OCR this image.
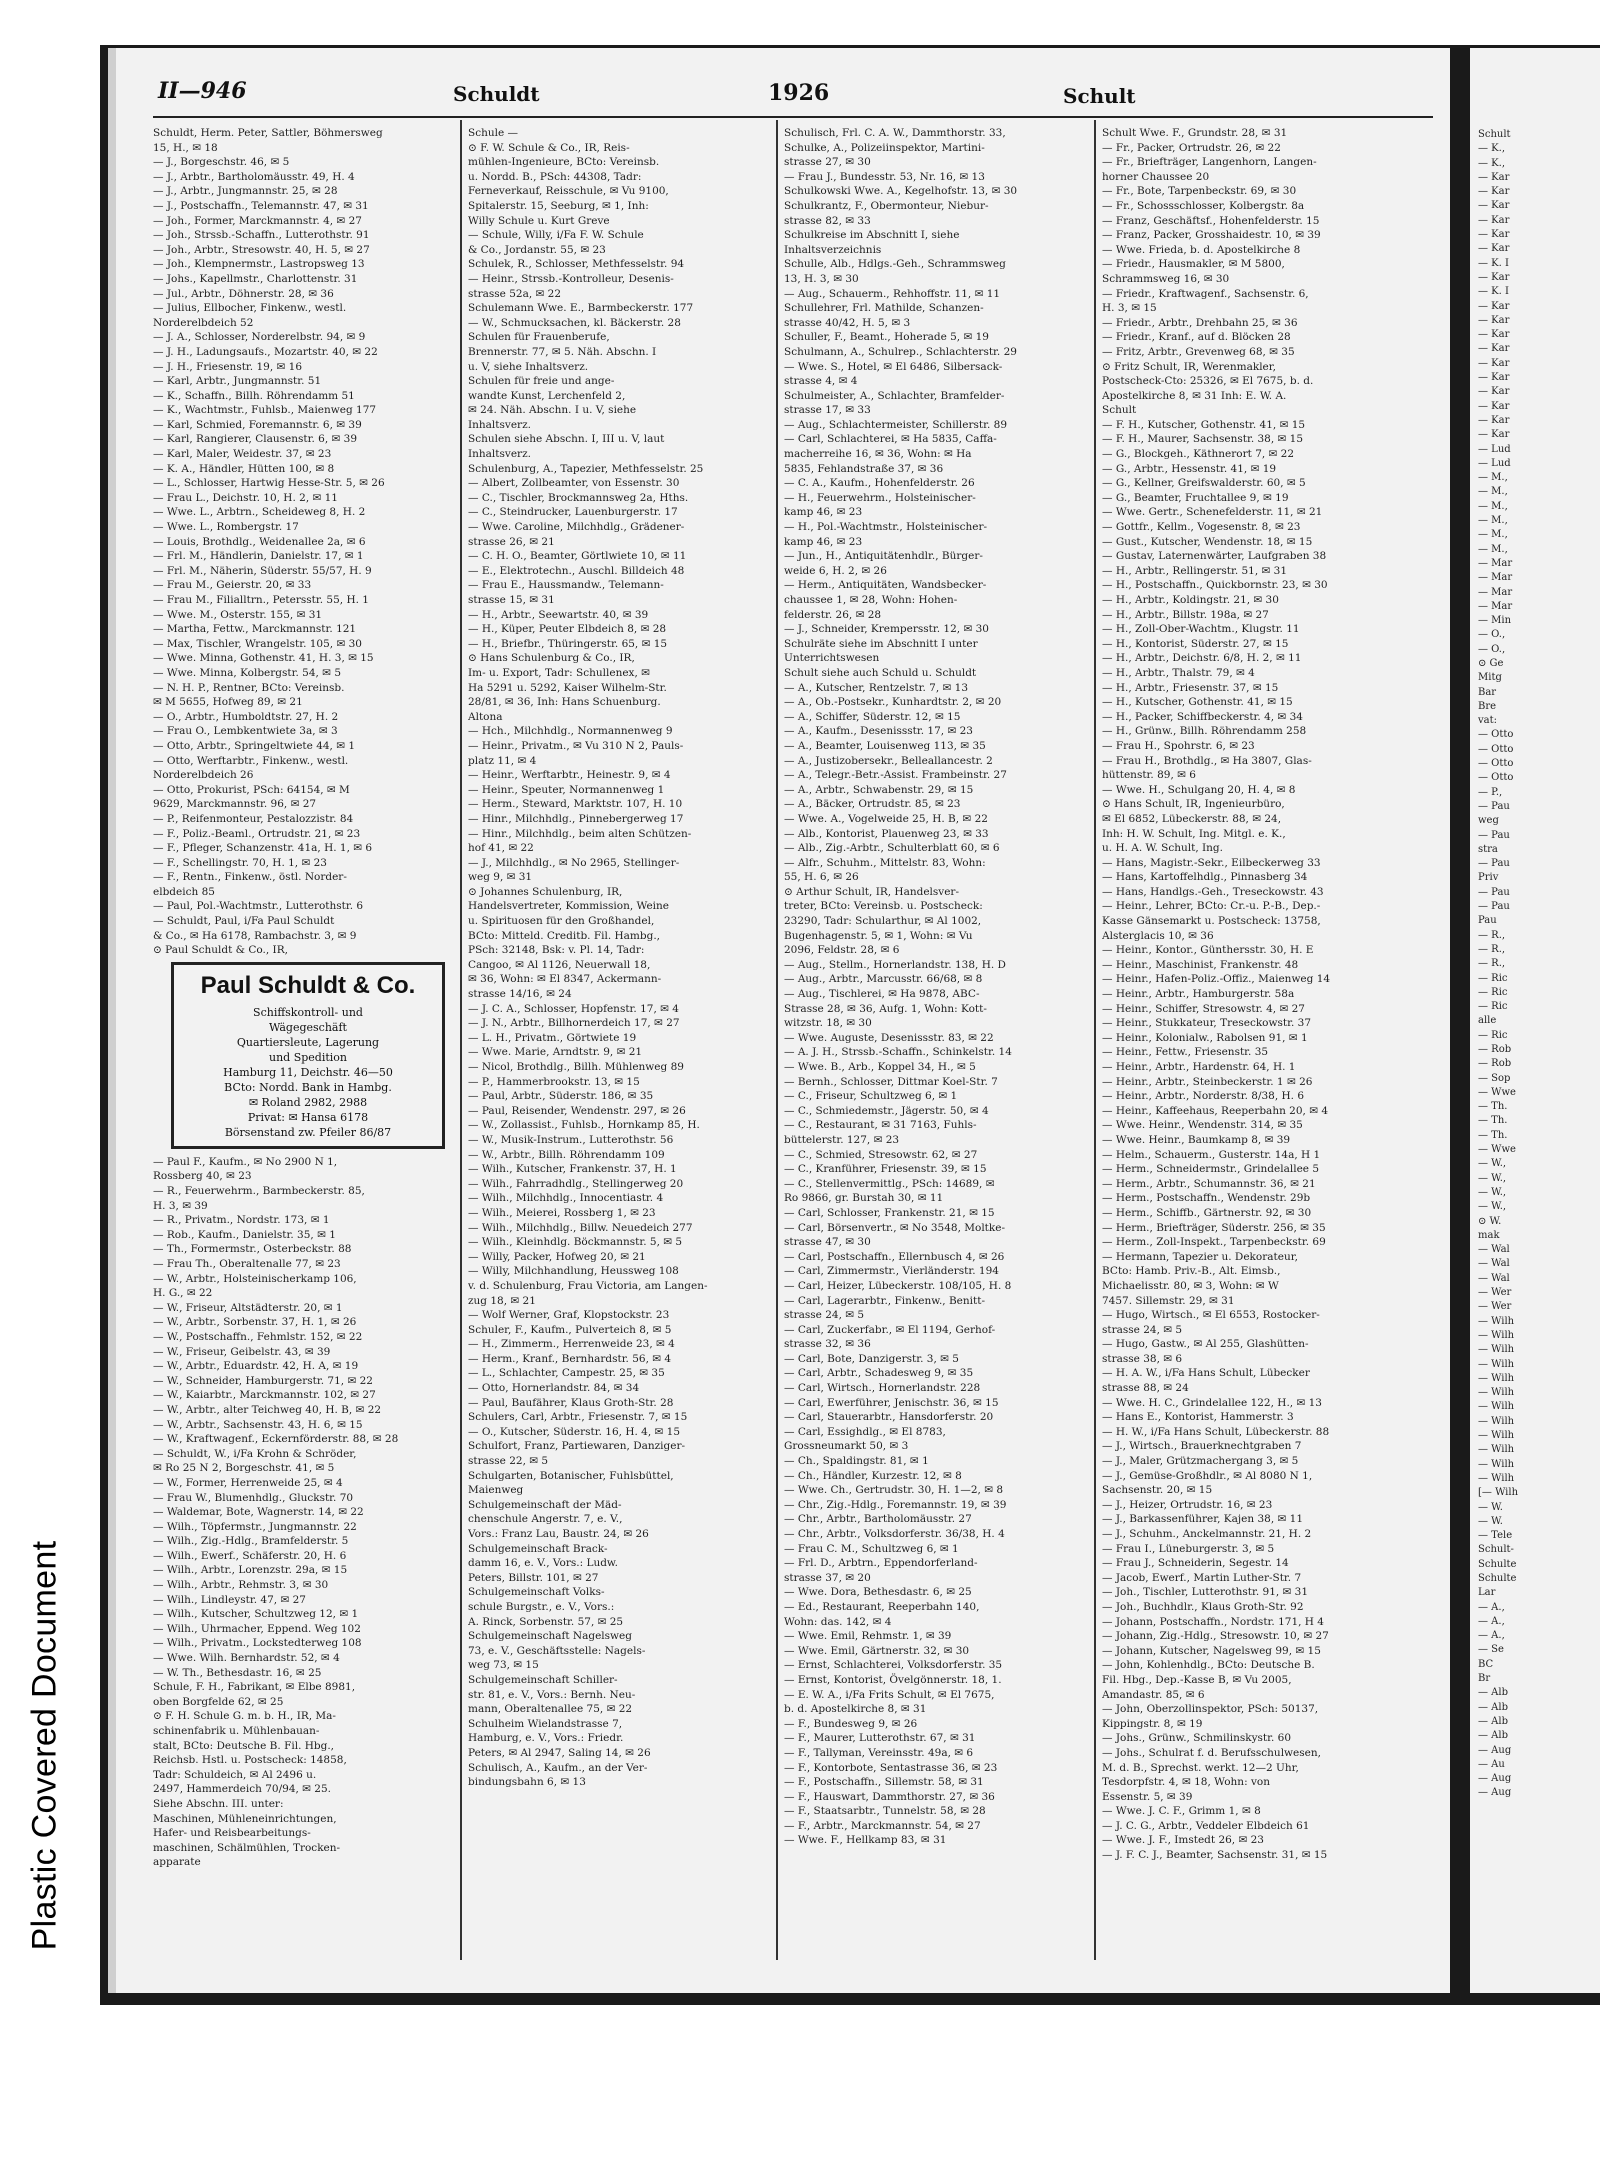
Plastic Covered Document
II—946	Schuldt	1926	Schult
Schuldt, Herm. Peter, Sattler, Böhmersweg
15, H., ✉ 18
— J., Borgeschstr. 46, ✉ 5
— J., Arbtr., Bartholomäusstr. 49, H. 4
— J., Arbtr., Jungmannstr. 25, ✉ 28
— J., Postschaffn., Telemannstr. 47, ✉ 31
— Joh., Former, Marckmannstr. 4, ✉ 27
— Joh., Strssb.-Schaffn., Lutterothstr. 91
— Joh., Arbtr., Stresowstr. 40, H. 5, ✉ 27
— Joh., Klempnermstr., Lastropsweg 13
— Johs., Kapellmstr., Charlottenstr. 31
— Jul., Arbtr., Döhnerstr. 28, ✉ 36
— Julius, Ellbocher, Finkenw., westl.
Norderelbdeich 52
— J. A., Schlosser, Norderelbstr. 94, ✉ 9
— J. H., Ladungsaufs., Mozartstr. 40, ✉ 22
— J. H., Friesenstr. 19, ✉ 16
— Karl, Arbtr., Jungmannstr. 51
— K., Schaffn., Billh. Röhrendamm 51
— K., Wachtmstr., Fuhlsb., Maienweg 177
— Karl, Schmied, Foremannstr. 6, ✉ 39
— Karl, Rangierer, Clausenstr. 6, ✉ 39
— Karl, Maler, Weidestr. 37, ✉ 23
— K. A., Händler, Hütten 100, ✉ 8
— L., Schlosser, Hartwig Hesse-Str. 5, ✉ 26
— Frau L., Deichstr. 10, H. 2, ✉ 11
— Wwe. L., Arbtrn., Scheideweg 8, H. 2
— Wwe. L., Rombergstr. 17
— Louis, Brothdlg., Weidenallee 2a, ✉ 6
— Frl. M., Händlerin, Danielstr. 17, ✉ 1
— Frl. M., Näherin, Süderstr. 55/57, H. 9
— Frau M., Geierstr. 20, ✉ 33
— Frau M., Filialltrn., Petersstr. 55, H. 1
— Wwe. M., Osterstr. 155, ✉ 31
— Martha, Fettw., Marckmannstr. 121
— Max, Tischler, Wrangelstr. 105, ✉ 30
— Wwe. Minna, Gothenstr. 41, H. 3, ✉ 15
— Wwe. Minna, Kolbergstr. 54, ✉ 5
— N. H. P., Rentner, BCto: Vereinsb.
✉ M 5655, Hofweg 89, ✉ 21
— O., Arbtr., Humboldtstr. 27, H. 2
— Frau O., Lembkentwiete 3a, ✉ 3
— Otto, Arbtr., Springeltwiete 44, ✉ 1
— Otto, Werftarbtr., Finkenw., westl.
Norderelbdeich 26
— Otto, Prokurist, PSch: 64154, ✉ M
9629, Marckmannstr. 96, ✉ 27
— P., Reifenmonteur, Pestalozzistr. 84
— F., Poliz.-Beaml., Ortrudstr. 21, ✉ 23
— F., Pfleger, Schanzenstr. 41a, H. 1, ✉ 6
— F., Schellingstr. 70, H. 1, ✉ 23
— F., Rentn., Finkenw., östl. Norder-
elbdeich 85
— Paul, Pol.-Wachtmstr., Lutterothstr. 6
— Schuldt, Paul, i/Fa Paul Schuldt
& Co., ✉ Ha 6178, Rambachstr. 3, ✉ 9
⊙ Paul Schuldt & Co., IR,
Paul Schuldt & Co.
Schiffskontroll- und
Wägegeschäft
Quartiersleute, Lagerung
und Spedition
Hamburg 11, Deichstr. 46—50
BCto: Nordd. Bank in Hambg.
✉ Roland 2982, 2988
Privat: ✉ Hansa 6178
Börsenstand zw. Pfeiler 86/87
— Paul F., Kaufm., ✉ No 2900 N 1,
Rossberg 40, ✉ 23
— R., Feuerwehrm., Barmbeckerstr. 85,
H. 3, ✉ 39
— R., Privatm., Nordstr. 173, ✉ 1
— Rob., Kaufm., Danielstr. 35, ✉ 1
— Th., Formermstr., Osterbeckstr. 88
— Frau Th., Oberaltenalle 77, ✉ 23
— W., Arbtr., Holsteinischerkamp 106,
H. G., ✉ 22
— W., Friseur, Altstädterstr. 20, ✉ 1
— W., Arbtr., Sorbenstr. 37, H. 1, ✉ 26
— W., Postschaffn., Fehmlstr. 152, ✉ 22
— W., Friseur, Geibelstr. 43, ✉ 39
— W., Arbtr., Eduardstr. 42, H. A, ✉ 19
— W., Schneider, Hamburgerstr. 71, ✉ 22
— W., Kaiarbtr., Marckmannstr. 102, ✉ 27
— W., Arbtr., alter Teichweg 40, H. B, ✉ 22
— W., Arbtr., Sachsenstr. 43, H. 6, ✉ 15
— W., Kraftwagenf., Eckernförderstr. 88, ✉ 28
— Schuldt, W., i/Fa Krohn & Schröder,
✉ Ro 25 N 2, Borgeschstr. 41, ✉ 5
— W., Former, Herrenweide 25, ✉ 4
— Frau W., Blumenhdlg., Gluckstr. 70
— Waldemar, Bote, Wagnerstr. 14, ✉ 22
— Wilh., Töpfermstr., Jungmannstr. 22
— Wilh., Zig.-Hdlg., Bramfelderstr. 5
— Wilh., Ewerf., Schäferstr. 20, H. 6
— Wilh., Arbtr., Lorenzstr. 29a, ✉ 15
— Wilh., Arbtr., Rehmstr. 3, ✉ 30
— Wilh., Lindleystr. 47, ✉ 27
— Wilh., Kutscher, Schultzweg 12, ✉ 1
— Wilh., Uhrmacher, Eppend. Weg 102
— Wilh., Privatm., Lockstedterweg 108
— Wwe. Wilh. Bernhardstr. 52, ✉ 4
— W. Th., Bethesdastr. 16, ✉ 25
Schule, F. H., Fabrikant, ✉ Elbe 8981,
oben Borgfelde 62, ✉ 25
⊙ F. H. Schule G. m. b. H., IR, Ma-
schinenfabrik u. Mühlenbauan-
stalt, BCto: Deutsche B. Fil. Hbg.,
Reichsb. Hstl. u. Postscheck: 14858,
Tadr: Schuldeich, ✉ Al 2496 u.
2497, Hammerdeich 70/94, ✉ 25.
Siehe Abschn. III. unter:
Maschinen, Mühleneinrichtungen,
Hafer- und Reisbearbeitungs-
maschinen, Schälmühlen, Trocken-
apparate
Schule —
⊙ F. W. Schule & Co., IR, Reis-
mühlen-Ingenieure, BCto: Vereinsb.
u. Nordd. B., PSch: 44308, Tadr:
Ferneverkauf, Reisschule, ✉ Vu 9100,
Spitalerstr. 15, Seeburg, ✉ 1, Inh:
Willy Schule u. Kurt Greve
— Schule, Willy, i/Fa F. W. Schule
& Co., Jordanstr. 55, ✉ 23
Schulek, R., Schlosser, Methfesselstr. 94
— Heinr., Strssb.-Kontrolleur, Desenis-
strasse 52a, ✉ 22
Schulemann Wwe. E., Barmbeckerstr. 177
— W., Schmucksachen, kl. Bäckerstr. 28
Schulen für Frauenberufe,
Brennerstr. 77, ✉ 5. Näh. Abschn. I
u. V, siehe Inhaltsverz.
Schulen für freie und ange-
wandte Kunst, Lerchenfeld 2,
✉ 24. Näh. Abschn. I u. V, siehe
Inhaltsverz.
Schulen siehe Abschn. I, III u. V, laut
Inhaltsverz.
Schulenburg, A., Tapezier, Methfesselstr. 25
— Albert, Zollbeamter, von Essenstr. 30
— C., Tischler, Brockmannsweg 2a, Hths.
— C., Steindrucker, Lauenburgerstr. 17
— Wwe. Caroline, Milchhdlg., Grädener-
strasse 26, ✉ 21
— C. H. O., Beamter, Görtlwiete 10, ✉ 11
— E., Elektrotechn., Auschl. Billdeich 48
— Frau E., Haussmandw., Telemann-
strasse 15, ✉ 31
— H., Arbtr., Seewartstr. 40, ✉ 39
— H., Küper, Peuter Elbdeich 8, ✉ 28
— H., Briefbr., Thüringerstr. 65, ✉ 15
⊙ Hans Schulenburg & Co., IR,
Im- u. Export, Tadr: Schullenex, ✉
Ha 5291 u. 5292, Kaiser Wilhelm-Str.
28/81, ✉ 36, Inh: Hans Schuenburg.
Altona
— Hch., Milchhdlg., Normannenweg 9
— Heinr., Privatm., ✉ Vu 310 N 2, Pauls-
platz 11, ✉ 4
— Heinr., Werftarbtr., Heinestr. 9, ✉ 4
— Heinr., Speuter, Normannenweg 1
— Herm., Steward, Marktstr. 107, H. 10
— Hinr., Milchhdlg., Pinnebergerweg 17
— Hinr., Milchhdlg., beim alten Schützen-
hof 41, ✉ 22
— J., Milchhdlg., ✉ No 2965, Stellinger-
weg 9, ✉ 31
⊙ Johannes Schulenburg, IR,
Handelsvertreter, Kommission, Weine
u. Spirituosen für den Großhandel,
BCto: Mitteld. Creditb. Fil. Hambg.,
PSch: 32148, Bsk: v. Pl. 14, Tadr:
Cangoo, ✉ Al 1126, Neuerwall 18,
✉ 36, Wohn: ✉ El 8347, Ackermann-
strasse 14/16, ✉ 24
— J. C. A., Schlosser, Hopfenstr. 17, ✉ 4
— J. N., Arbtr., Billhornerdeich 17, ✉ 27
— L. H., Privatm., Görtwiete 19
— Wwe. Marie, Arndtstr. 9, ✉ 21
— Nicol, Brothdlg., Billh. Mühlenweg 89
— P., Hammerbrookstr. 13, ✉ 15
— Paul, Arbtr., Süderstr. 186, ✉ 35
— Paul, Reisender, Wendenstr. 297, ✉ 26
— W., Zollassist., Fuhlsb., Hornkamp 85, H.
— W., Musik-Instrum., Lutterothstr. 56
— W., Arbtr., Billh. Röhrendamm 109
— Wilh., Kutscher, Frankenstr. 37, H. 1
— Wilh., Fahrradhdlg., Stellingerweg 20
— Wilh., Milchhdlg., Innocentiastr. 4
— Wilh., Meierei, Rossberg 1, ✉ 23
— Wilh., Milchhdlg., Billw. Neuedeich 277
— Wilh., Kleinhdlg. Böckmannstr. 5, ✉ 5
— Willy, Packer, Hofweg 20, ✉ 21
— Willy, Milchhandlung, Heussweg 108
v. d. Schulenburg, Frau Victoria, am Langen-
zug 18, ✉ 21
— Wolf Werner, Graf, Klopstockstr. 23
Schuler, F., Kaufm., Pulverteich 8, ✉ 5
— H., Zimmerm., Herrenweide 23, ✉ 4
— Herm., Kranf., Bernhardstr. 56, ✉ 4
— L., Schlachter, Campestr. 25, ✉ 35
— Otto, Hornerlandstr. 84, ✉ 34
— Paul, Baufährer, Klaus Groth-Str. 28
Schulers, Carl, Arbtr., Friesenstr. 7, ✉ 15
— O., Kutscher, Süderstr. 16, H. 4, ✉ 15
Schulfort, Franz, Partiewaren, Danziger-
strasse 22, ✉ 5
Schulgarten, Botanischer, Fuhlsbüttel,
Maienweg
Schulgemeinschaft der Mäd-
chenschule Angerstr. 7, e. V.,
Vors.: Franz Lau, Baustr. 24, ✉ 26
Schulgemeinschaft Brack-
damm 16, e. V., Vors.: Ludw.
Peters, Billstr. 101, ✉ 27
Schulgemeinschaft Volks-
schule Burgstr., e. V., Vors.:
A. Rinck, Sorbenstr. 57, ✉ 25
Schulgemeinschaft Nagelsweg
73, e. V., Geschäftsstelle: Nagels-
weg 73, ✉ 15
Schulgemeinschaft Schiller-
str. 81, e. V., Vors.: Bernh. Neu-
mann, Oberaltenallee 75, ✉ 22
Schulheim Wielandstrasse 7,
Hamburg, e. V., Vors.: Friedr.
Peters, ✉ Al 2947, Saling 14, ✉ 26
Schulisch, A., Kaufm., an der Ver-
bindungsbahn 6, ✉ 13
Schulisch, Frl. C. A. W., Dammthorstr. 33,
Schulke, A., Polizeiinspektor, Martini-
strasse 27, ✉ 30
— Frau J., Bundesstr. 53, Nr. 16, ✉ 13
Schulkowski Wwe. A., Kegelhofstr. 13, ✉ 30
Schulkrantz, F., Obermonteur, Niebur-
strasse 82, ✉ 33
Schulkreise im Abschnitt I, siehe
Inhaltsverzeichnis
Schulle, Alb., Hdlgs.-Geh., Schrammsweg
13, H. 3, ✉ 30
— Aug., Schauerm., Rehhoffstr. 11, ✉ 11
Schullehrer, Frl. Mathilde, Schanzen-
strasse 40/42, H. 5, ✉ 3
Schuller, F., Beamt., Hoherade 5, ✉ 19
Schulmann, A., Schulrep., Schlachterstr. 29
— Wwe. S., Hotel, ✉ El 6486, Silbersack-
strasse 4, ✉ 4
Schulmeister, A., Schlachter, Bramfelder-
strasse 17, ✉ 33
— Aug., Schlachtermeister, Schillerstr. 89
— Carl, Schlachterei, ✉ Ha 5835, Caffa-
macherreihe 16, ✉ 36, Wohn: ✉ Ha
5835, Fehlandstraße 37, ✉ 36
— C. A., Kaufm., Hohenfelderstr. 26
— H., Feuerwehrm., Holsteinischer-
kamp 46, ✉ 23
— H., Pol.-Wachtmstr., Holsteinischer-
kamp 46, ✉ 23
— Jun., H., Antiquitätenhdlr., Bürger-
weide 6, H. 2, ✉ 26
— Herm., Antiquitäten, Wandsbecker-
chaussee 1, ✉ 28, Wohn: Hohen-
felderstr. 26, ✉ 28
— J., Schneider, Krempersstr. 12, ✉ 30
Schulräte siehe im Abschnitt I unter
Unterrichtswesen
Schult siehe auch Schuld u. Schuldt
— A., Kutscher, Rentzelstr. 7, ✉ 13
— A., Ob.-Postsekr., Kunhardtstr. 2, ✉ 20
— A., Schiffer, Süderstr. 12, ✉ 15
— A., Kaufm., Desenissstr. 17, ✉ 23
— A., Beamter, Louisenweg 113, ✉ 35
— A., Justizobersekr., Belleallancestr. 2
— A., Telegr.-Betr.-Assist. Frambeinstr. 27
— A., Arbtr., Schwabenstr. 29, ✉ 15
— A., Bäcker, Ortrudstr. 85, ✉ 23
— Wwe. A., Vogelweide 25, H. B, ✉ 22
— Alb., Kontorist, Plauenweg 23, ✉ 33
— Alb., Zig.-Arbtr., Schulterblatt 60, ✉ 6
— Alfr., Schuhm., Mittelstr. 83, Wohn:
55, H. 6, ✉ 26
⊙ Arthur Schult, IR, Handelsver-
treter, BCto: Vereinsb. u. Postscheck:
23290, Tadr: Schularthur, ✉ Al 1002,
Bugenhagenstr. 5, ✉ 1, Wohn: ✉ Vu
2096, Feldstr. 28, ✉ 6
— Aug., Stellm., Hornerlandstr. 138, H. D
— Aug., Arbtr., Marcusstr. 66/68, ✉ 8
— Aug., Tischlerei, ✉ Ha 9878, ABC-
Strasse 28, ✉ 36, Aufg. 1, Wohn: Kott-
witzstr. 18, ✉ 30
— Wwe. Auguste, Desenissstr. 83, ✉ 22
— A. J. H., Strssb.-Schaffn., Schinkelstr. 14
— Wwe. B., Arb., Koppel 34, H., ✉ 5
— Bernh., Schlosser, Dittmar Koel-Str. 7
— C., Friseur, Schultzweg 6, ✉ 1
— C., Schmiedemstr., Jägerstr. 50, ✉ 4
— C., Restaurant, ✉ 31 7163, Fuhls-
büttelerstr. 127, ✉ 23
— C., Schmied, Stresowstr. 62, ✉ 27
— C., Kranführer, Friesenstr. 39, ✉ 15
— C., Stellenvermittlg., PSch: 14689, ✉
Ro 9866, gr. Burstah 30, ✉ 11
— Carl, Schlosser, Frankenstr. 21, ✉ 15
— Carl, Börsenvertr., ✉ No 3548, Moltke-
strasse 47, ✉ 30
— Carl, Postschaffn., Ellernbusch 4, ✉ 26
— Carl, Zimmermstr., Vierländerstr. 194
— Carl, Heizer, Lübeckerstr. 108/105, H. 8
— Carl, Lagerarbtr., Finkenw., Benitt-
strasse 24, ✉ 5
— Carl, Zuckerfabr., ✉ El 1194, Gerhof-
strasse 32, ✉ 36
— Carl, Bote, Danzigerstr. 3, ✉ 5
— Carl, Arbtr., Schadesweg 9, ✉ 35
— Carl, Wirtsch., Hornerlandstr. 228
— Carl, Ewerführer, Jenischstr. 36, ✉ 15
— Carl, Stauerarbtr., Hansdorferstr. 20
— Carl, Essighdlg., ✉ El 8783,
Grossneumarkt 50, ✉ 3
— Ch., Spaldingstr. 81, ✉ 1
— Ch., Händler, Kurzestr. 12, ✉ 8
— Wwe. Ch., Gertrudstr. 30, H. 1—2, ✉ 8
— Chr., Zig.-Hdlg., Foremannstr. 19, ✉ 39
— Chr., Arbtr., Bartholomäusstr. 27
— Chr., Arbtr., Volksdorferstr. 36/38, H. 4
— Frau C. M., Schultzweg 6, ✉ 1
— Frl. D., Arbtrn., Eppendorferland-
strasse 37, ✉ 20
— Wwe. Dora, Bethesdastr. 6, ✉ 25
— Ed., Restaurant, Reeperbahn 140,
Wohn: das. 142, ✉ 4
— Wwe. Emil, Rehmstr. 1, ✉ 39
— Wwe. Emil, Gärtnerstr. 32, ✉ 30
— Ernst, Schlachterei, Volksdorferstr. 35
— Ernst, Kontorist, Övelgönnerstr. 18, 1.
— E. W. A., i/Fa Frits Schult, ✉ El 7675,
b. d. Apostelkirche 8, ✉ 31
— F., Bundesweg 9, ✉ 26
— F., Maurer, Lutterothstr. 67, ✉ 31
— F., Tallyman, Vereinsstr. 49a, ✉ 6
— F., Kontorbote, Sentastrasse 36, ✉ 23
— F., Postschaffn., Sillemstr. 58, ✉ 31
— F., Hauswart, Dammthorstr. 27, ✉ 36
— F., Staatsarbtr., Tunnelstr. 58, ✉ 28
— F., Arbtr., Marckmannstr. 54, ✉ 27
— Wwe. F., Hellkamp 83, ✉ 31
Schult Wwe. F., Grundstr. 28, ✉ 31
— Fr., Packer, Ortrudstr. 26, ✉ 22
— Fr., Briefträger, Langenhorn, Langen-
horner Chaussee 20
— Fr., Bote, Tarpenbeckstr. 69, ✉ 30
— Fr., Schossschlosser, Kolbergstr. 8a
— Franz, Geschäftsf., Hohenfelderstr. 15
— Franz, Packer, Grosshaidestr. 10, ✉ 39
— Wwe. Frieda, b. d. Apostelkirche 8
— Friedr., Hausmakler, ✉ M 5800,
Schrammsweg 16, ✉ 30
— Friedr., Kraftwagenf., Sachsenstr. 6,
H. 3, ✉ 15
— Friedr., Arbtr., Drehbahn 25, ✉ 36
— Friedr., Kranf., auf d. Blöcken 28
— Fritz, Arbtr., Grevenweg 68, ✉ 35
⊙ Fritz Schult, IR, Werenmakler,
Postscheck-Cto: 25326, ✉ El 7675, b. d.
Apostelkirche 8, ✉ 31 Inh: E. W. A.
Schult
— F. H., Kutscher, Gothenstr. 41, ✉ 15
— F. H., Maurer, Sachsenstr. 38, ✉ 15
— G., Blockgeh., Käthnerort 7, ✉ 22
— G., Arbtr., Hessenstr. 41, ✉ 19
— G., Kellner, Greifswalderstr. 60, ✉ 5
— G., Beamter, Fruchtallee 9, ✉ 19
— Wwe. Gertr., Schenefelderstr. 11, ✉ 21
— Gottfr., Kellm., Vogesenstr. 8, ✉ 23
— Gust., Kutscher, Wendenstr. 18, ✉ 15
— Gustav, Laternenwärter, Laufgraben 38
— H., Arbtr., Rellingerstr. 51, ✉ 31
— H., Postschaffn., Quickbornstr. 23, ✉ 30
— H., Arbtr., Koldingstr. 21, ✉ 30
— H., Arbtr., Billstr. 198a, ✉ 27
— H., Zoll-Ober-Wachtm., Klugstr. 11
— H., Kontorist, Süderstr. 27, ✉ 15
— H., Arbtr., Deichstr. 6/8, H. 2, ✉ 11
— H., Arbtr., Thalstr. 79, ✉ 4
— H., Arbtr., Friesenstr. 37, ✉ 15
— H., Kutscher, Gothenstr. 41, ✉ 15
— H., Packer, Schiffbeckerstr. 4, ✉ 34
— H., Grünw., Billh. Röhrendamm 258
— Frau H., Spohrstr. 6, ✉ 23
— Frau H., Brothdlg., ✉ Ha 3807, Glas-
hüttenstr. 89, ✉ 6
— Wwe. H., Schulgang 20, H. 4, ✉ 8
⊙ Hans Schult, IR, Ingenieurbüro,
✉ El 6852, Lübeckerstr. 88, ✉ 24,
Inh: H. W. Schult, Ing. Mitgl. e. K.,
u. H. A. W. Schult, Ing.
— Hans, Magistr.-Sekr., Eilbeckerweg 33
— Hans, Kartoffelhdlg., Pinnasberg 34
— Hans, Handlgs.-Geh., Treseckowstr. 43
— Heinr., Lehrer, BCto: Cr.-u. P.-B., Dep.-
Kasse Gänsemarkt u. Postscheck: 13758,
Alsterglacis 10, ✉ 36
— Heinr., Kontor., Günthersstr. 30, H. E
— Heinr., Maschinist, Frankenstr. 48
— Heinr., Hafen-Poliz.-Offiz., Maienweg 14
— Heinr., Arbtr., Hamburgerstr. 58a
— Heinr., Schiffer, Stresowstr. 4, ✉ 27
— Heinr., Stukkateur, Treseckowstr. 37
— Heinr., Kolonialw., Rabolsen 91, ✉ 1
— Heinr., Fettw., Friesenstr. 35
— Heinr., Arbtr., Hardenstr. 64, H. 1
— Heinr., Arbtr., Steinbeckerstr. 1 ✉ 26
— Heinr., Arbtr., Norderstr. 8/38, H. 6
— Heinr., Kaffeehaus, Reeperbahn 20, ✉ 4
— Wwe. Heinr., Wendenstr. 314, ✉ 35
— Wwe. Heinr., Baumkamp 8, ✉ 39
— Helm., Schauerm., Gusterstr. 14a, H 1
— Herm., Schneidermstr., Grindelallee 5
— Herm., Arbtr., Schumannstr. 36, ✉ 21
— Herm., Postschaffn., Wendenstr. 29b
— Herm., Schiffb., Gärtnerstr. 92, ✉ 30
— Herm., Briefträger, Süderstr. 256, ✉ 35
— Herm., Zoll-Inspekt., Tarpenbeckstr. 69
— Hermann, Tapezier u. Dekorateur,
BCto: Hamb. Priv.-B., Alt. Eimsb.,
Michaelisstr. 80, ✉ 3, Wohn: ✉ W
7457. Sillemstr. 29, ✉ 31
— Hugo, Wirtsch., ✉ El 6553, Rostocker-
strasse 24, ✉ 5
— Hugo, Gastw., ✉ Al 255, Glashütten-
strasse 38, ✉ 6
— H. A. W., i/Fa Hans Schult, Lübecker
strasse 88, ✉ 24
— Wwe. H. C., Grindelallee 122, H., ✉ 13
— Hans E., Kontorist, Hammerstr. 3
— H. W., i/Fa Hans Schult, Lübeckerstr. 88
— J., Wirtsch., Brauerknechtgraben 7
— J., Maler, Grützmachergang 3, ✉ 5
— J., Gemüse-Großhdlr., ✉ Al 8080 N 1,
Sachsenstr. 20, ✉ 15
— J., Heizer, Ortrudstr. 16, ✉ 23
— J., Barkassenführer, Kajen 38, ✉ 11
— J., Schuhm., Anckelmannstr. 21, H. 2
— Frau I., Lüneburgerstr. 3, ✉ 5
— Frau J., Schneiderin, Segestr. 14
— Jacob, Ewerf., Martin Luther-Str. 7
— Joh., Tischler, Lutterothstr. 91, ✉ 31
— Joh., Buchhdlr., Klaus Groth-Str. 92
— Johann, Postschaffn., Nordstr. 171, H 4
— Johann, Zig.-Hdlg., Stresowstr. 10, ✉ 27
— Johann, Kutscher, Nagelsweg 99, ✉ 15
— John, Kohlenhdlg., BCto: Deutsche B.
Fil. Hbg., Dep.-Kasse B, ✉ Vu 2005,
Amandastr. 85, ✉ 6
— John, Oberzollinspektor, PSch: 50137,
Kippingstr. 8, ✉ 19
— Johs., Grünw., Schmilinskystr. 60
— Johs., Schulrat f. d. Berufsschulwesen,
M. d. B., Sprechst. werkt. 12—2 Uhr,
Tesdorpfstr. 4, ✉ 18, Wohn: von
Essenstr. 5, ✉ 39
— Wwe. J. C. F., Grimm 1, ✉ 8
— J. C. G., Arbtr., Veddeler Elbdeich 61
— Wwe. J. F., Imstedt 26, ✉ 23
— J. F. C. J., Beamter, Sachsenstr. 31, ✉ 15
Schult
— K.,
— K.,
— Kar
— Kar
— Kar
— Kar
— Kar
— Kar
— K. I
— Kar
— K. I
— Kar
— Kar
— Kar
— Kar
— Kar
— Kar
— Kar
— Kar
— Kar
— Kar
— Lud
— Lud
— M.,
— M.,
— M.,
— M.,
— M.,
— M.,
— Mar
— Mar
— Mar
— Mar
— Min
— O.,
— O.,
⊙ Ge
Mitg
Bar
Bre
vat:
— Otto
— Otto
— Otto
— Otto
— P.,
— Pau
weg
— Pau
stra
— Pau
Priv
— Pau
— Pau
Pau
— R.,
— R.,
— R.,
— Ric
— Ric
— Ric
alle
— Ric
— Rob
— Rob
— Sop
— Wwe
— Th.
— Th.
— Th.
— Wwe
— W.,
— W.,
— W.,
— W.,
⊙ W.
mak
— Wal
— Wal
— Wal
— Wer
— Wer
— Wilh
— Wilh
— Wilh
— Wilh
— Wilh
— Wilh
— Wilh
— Wilh
— Wilh
— Wilh
— Wilh
— Wilh
[— Wilh
— W.
— W.
— Tele
Schult-
Schulte
Schulte
Lar
— A.,
— A.,
— A.,
— Se
BC
Br
— Alb
— Alb
— Alb
— Alb
— Aug
— Au
— Aug
— Aug
